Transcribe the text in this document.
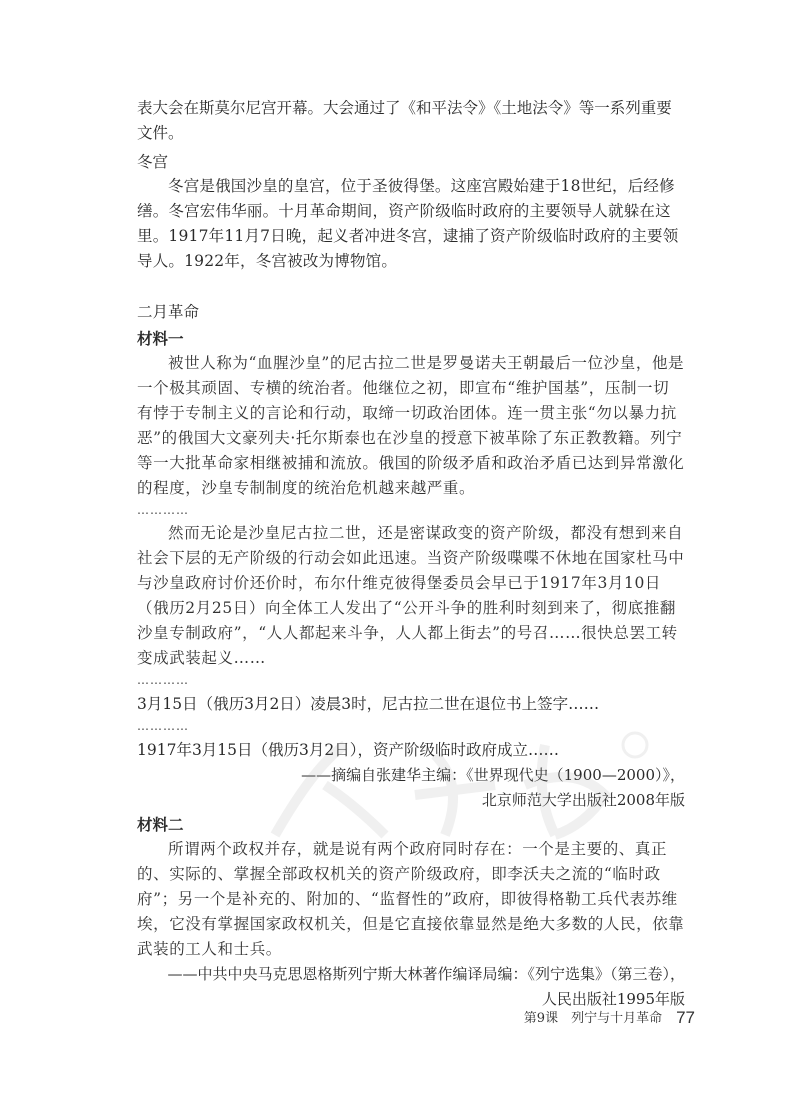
表大会在斯莫尔尼宫开幕。大会通过了《和平法令》《土地法令》等一系列重要文件。

冬宫

冬宫是俄国沙皇的皇宫，位于圣彼得堡。这座宫殿始建于18世纪，后经修缮。冬宫宏伟华丽。十月革命期间，资产阶级临时政府的主要领导人就躲在这里。1917年11月7日晚，起义者冲进冬宫，逮捕了资产阶级临时政府的主要领导人。1922年，冬宫被改为博物馆。

二月革命
材料一

被世人称为“血腥沙皇”的尼古拉二世是罗曼诺夫王朝最后一位沙皇，他是一个极其顽固、专横的统治者。他继位之初，即宣布“维护国基”，压制一切有悖于专制主义的言论和行动，取缔一切政治团体。连一贯主张“勿以暴力抗恶”的俄国大文豪列夫·托尔斯泰也在沙皇的授意下被革除了东正教教籍。列宁等一大批革命家相继被捕和流放。俄国的阶级矛盾和政治矛盾已达到异常激化的程度，沙皇专制制度的统治危机越来越严重。

…………

然而无论是沙皇尼古拉二世，还是密谋政变的资产阶级，都没有想到来自社会下层的无产阶级的行动会如此迅速。当资产阶级喋喋不休地在国家杜马中与沙皇政府讨价还价时，布尔什维克彼得堡委员会早已于1917年3月10日（俄历2月25日）向全体工人发出了“公开斗争的胜利时刻到来了，彻底推翻沙皇专制政府”，“人人都起来斗争，人人都上街去”的号召……很快总罢工转变成武装起义……

…………

3月15日（俄历3月2日）凌晨3时，尼古拉二世在退位书上签字……

…………

1917年3月15日（俄历3月2日），资产阶级临时政府成立……

——摘编自张建华主编：《世界现代史（1900—2000）》，

北京师范大学出版社2008年版

材料二

所谓两个政权并存，就是说有两个政府同时存在：一个是主要的、真正的、实际的、掌握全部政权机关的资产阶级政府，即李沃夫之流的“临时政府”；另一个是补充的、附加的、“监督性的”政府，即彼得格勒工兵代表苏维埃，它没有掌握国家政权机关，但是它直接依靠显然是绝大多数的人民，依靠武装的工人和士兵。

——中共中央马克思恩格斯列宁斯大林著作编译局编：《列宁选集》（第三卷），

人民出版社1995年版

第9课　列宁与十月革命 77
